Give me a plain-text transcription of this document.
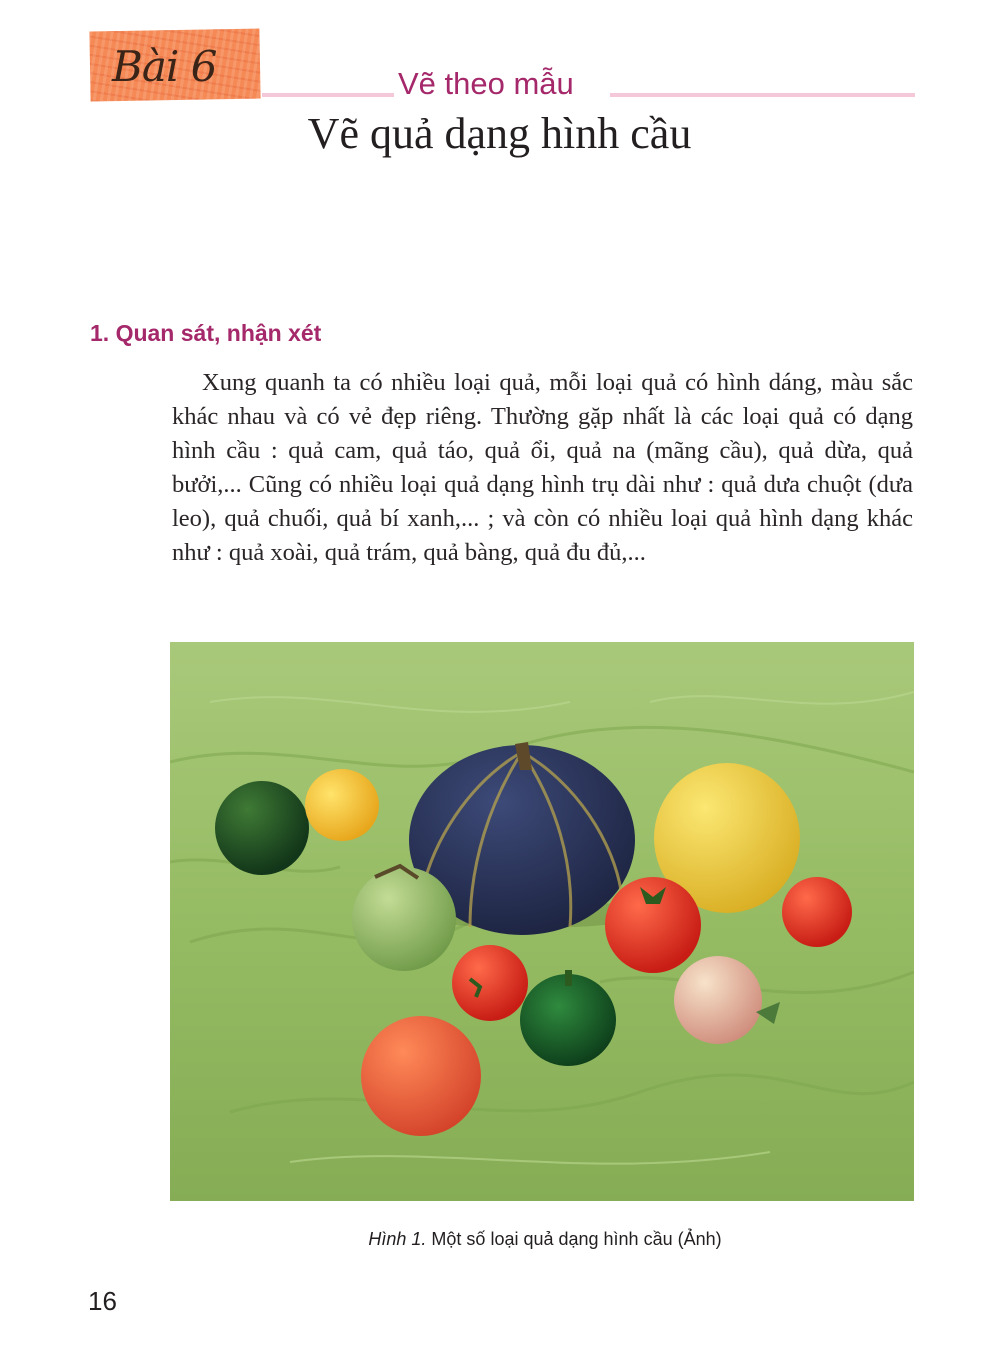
Bài 6	Vẽ theo mẫu
Vẽ quả dạng hình cầu
1. Quan sát, nhận xét

Xung quanh ta có nhiều loại quả, mỗi loại quả có hình dáng, màu sắc khác nhau và có vẻ đẹp riêng. Thường gặp nhất là các loại quả có dạng hình cầu : quả cam, quả táo, quả ổi, quả na (mãng cầu), quả dừa, quả bưởi,... Cũng có nhiều loại quả dạng hình trụ dài như : quả dưa chuột (dưa leo), quả chuối, quả bí xanh,... ; và còn có nhiều loại quả hình dạng khác như : quả xoài, quả trám, quả bàng, quả đu đủ,...

Hình 1. Một số loại quả dạng hình cầu (Ảnh)
16
